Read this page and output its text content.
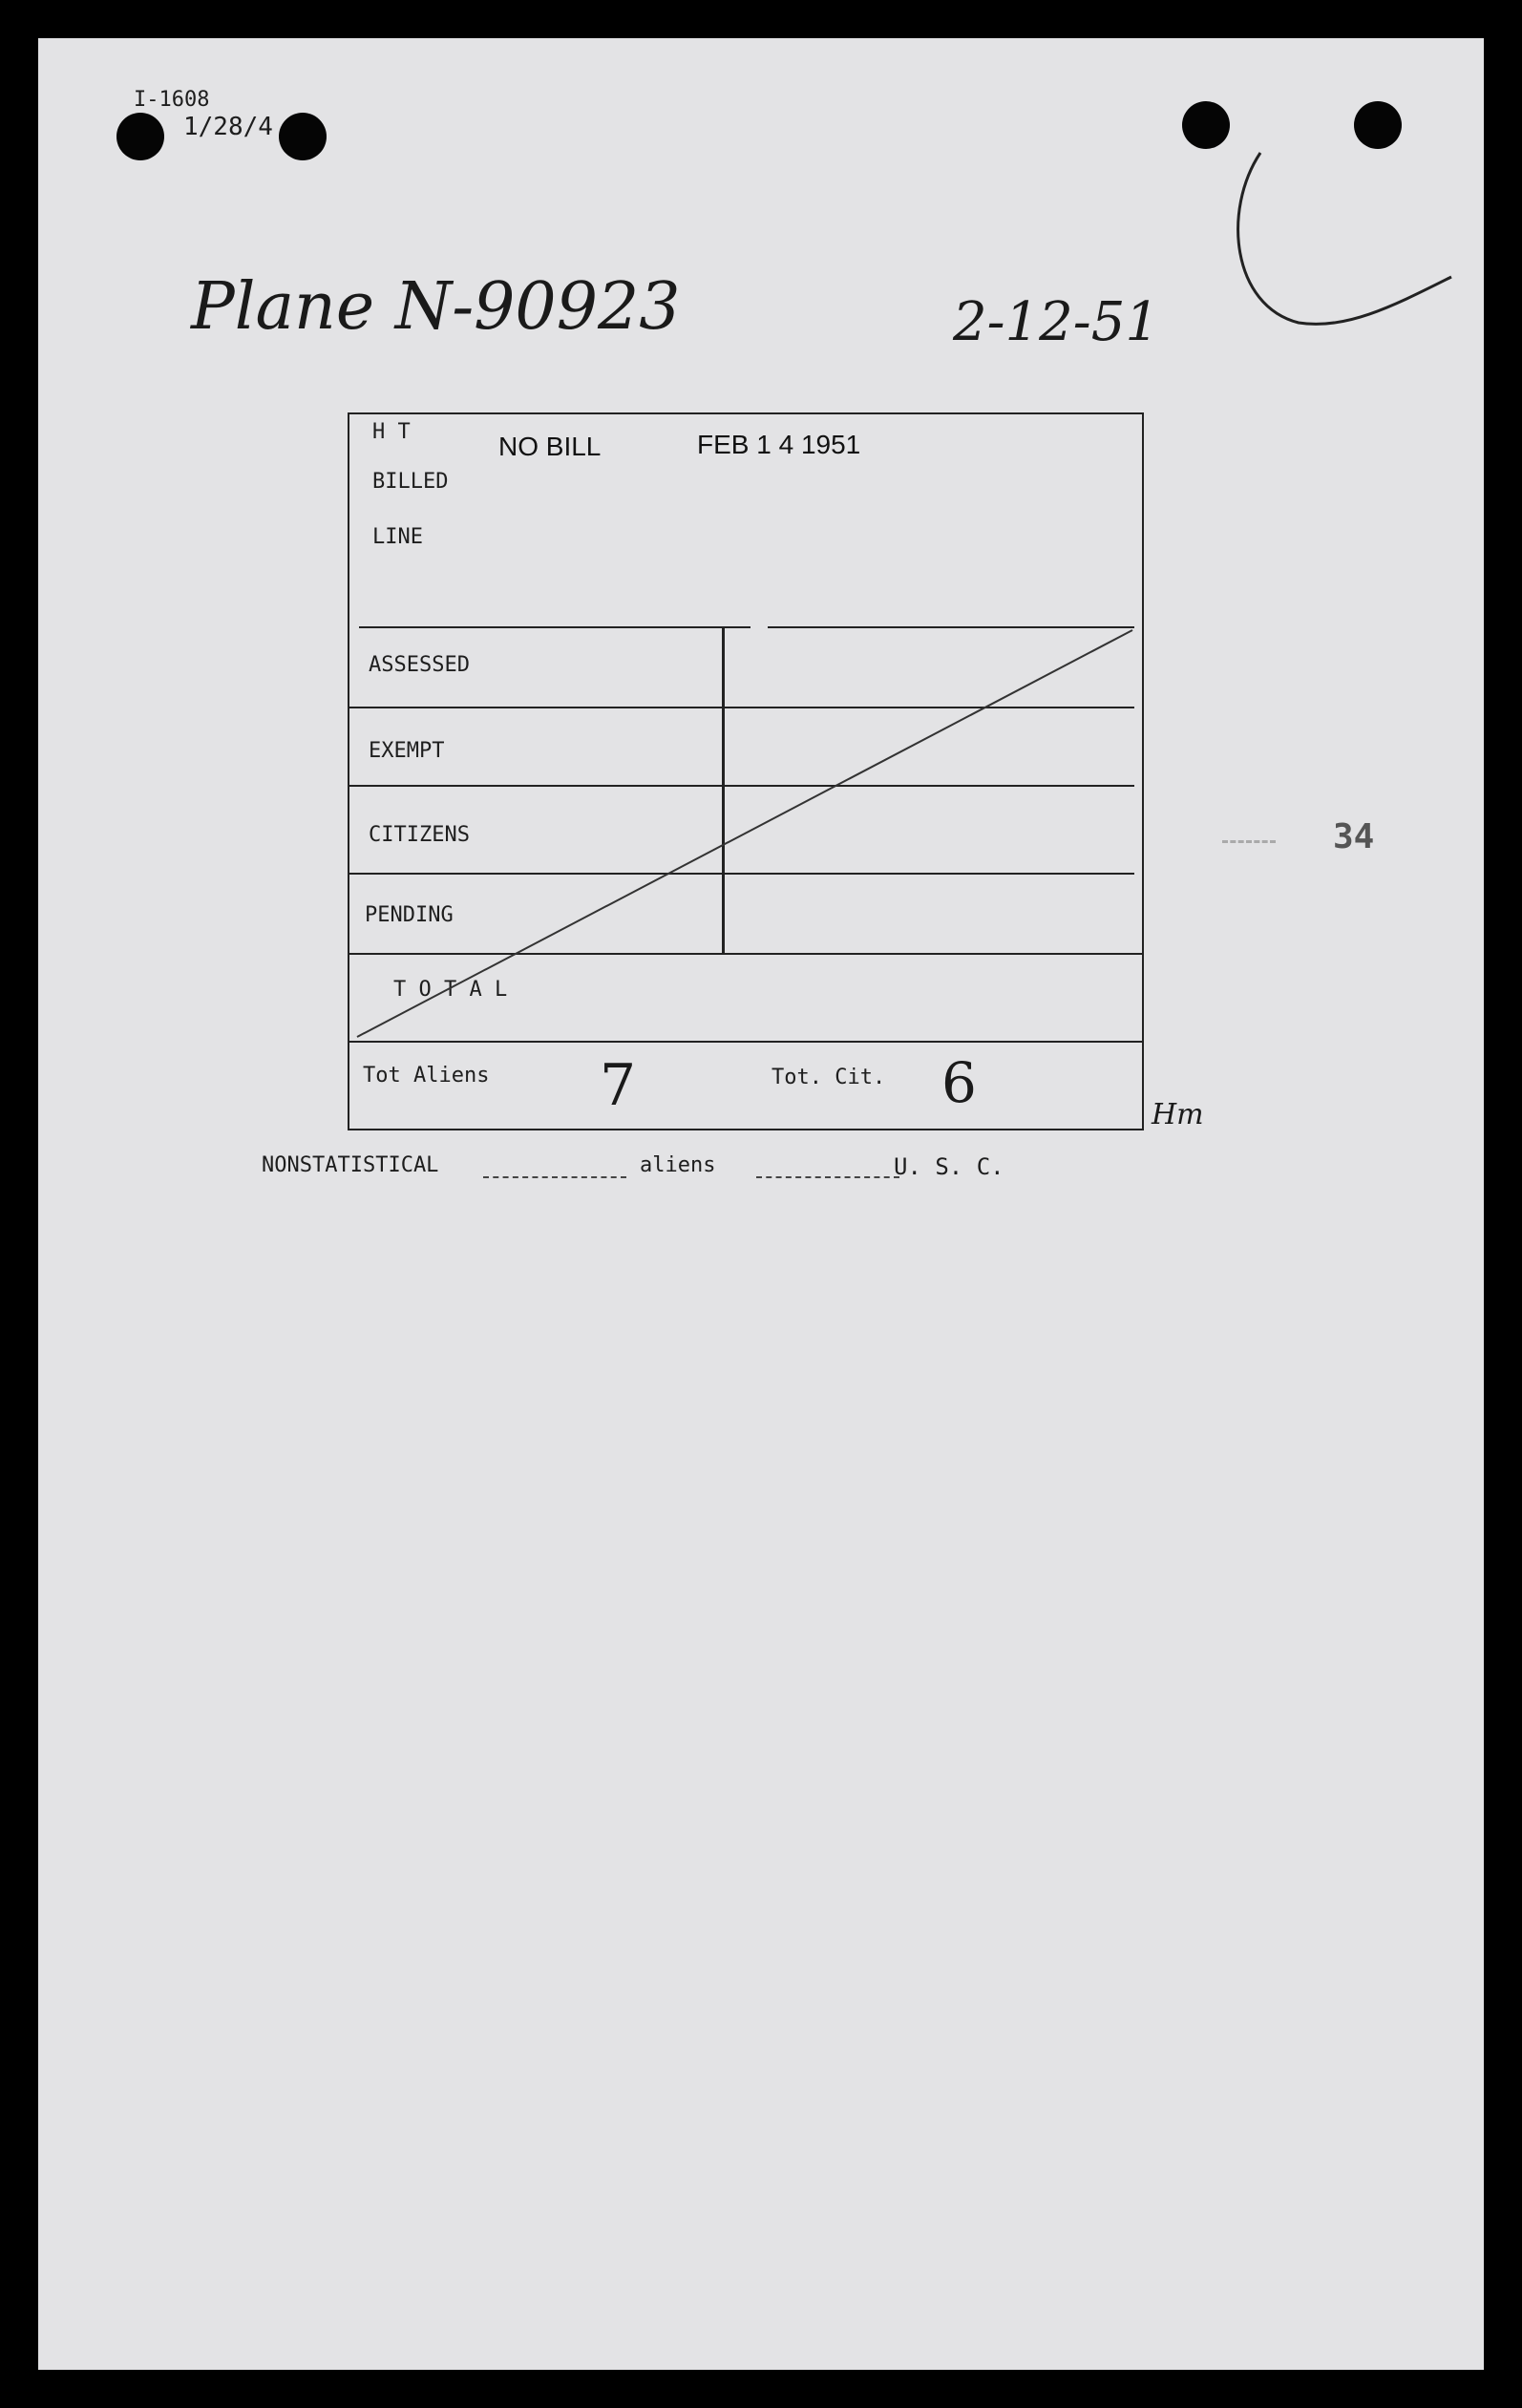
I-1608
1/28/4
Plane N-90923	2-12-51
H T
BILLED
LINE
NO BILL	FEB 1 4 1951
ASSESSED
EXEMPT
CITIZENS
PENDING
T O T A L
Tot Aliens 7	Tot. Cit. 6	Hm
NONSTATISTICAL	aliens	U. S. C.
34
